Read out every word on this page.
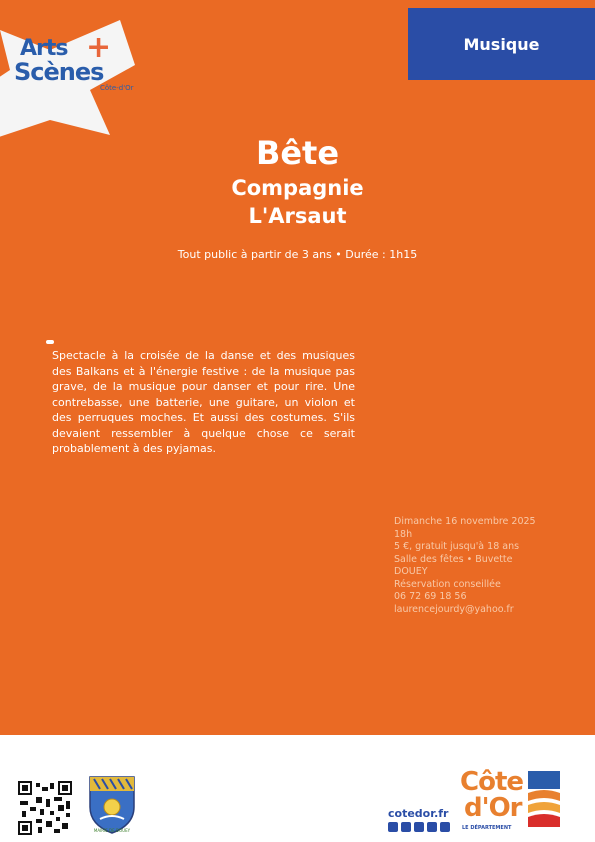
Arts +
Scènes
Côte-d'Or
Musique
Bête
Compagnie
L'Arsaut
Tout public à partir de 3 ans • Durée : 1h15
Spectacle à la croisée de la danse et des musiques des Balkans et à l'énergie festive : de la musique pas grave, de la musique pour danser et pour rire. Une contrebasse, une batterie, une guitare, un violon et des perruques moches. Et aussi des costumes. S'ils devaient ressembler à quelque chose ce serait probablement à des pyjamas.
Dimanche 16 novembre 2025
18h
5 €, gratuit jusqu'à 18 ans
Salle des fêtes • Buvette
DOUEY
Réservation conseillée
06 72 69 18 56
laurencejourdy@yahoo.fr
MAIRIE DE DOUEY
cotedor.fr
Côte
d'Or
LE DÉPARTEMENT
